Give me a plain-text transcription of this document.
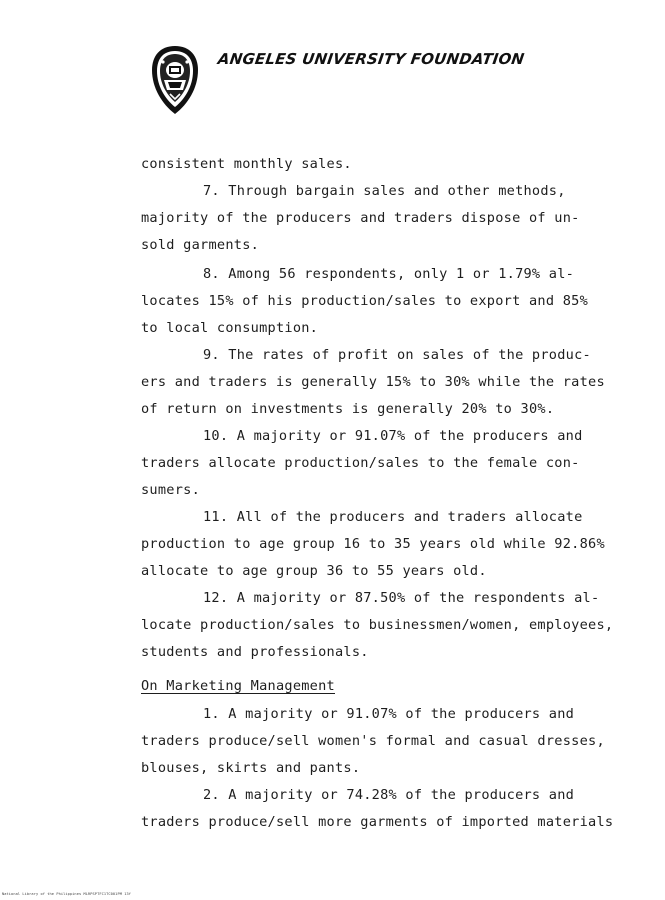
ANGELES UNIVERSITY FOUNDATION
consistent monthly sales.
7. Through bargain sales and other methods,
majority of the producers and traders dispose of un-
sold garments.
8. Among 56 respondents, only 1 or 1.79% al-
locates 15% of his production/sales to export and 85%
to local consumption.
9. The rates of profit on sales of the produc-
ers and traders is generally 15% to 30% while the rates
of return on investments is generally 20% to 30%.
10. A majority or 91.07% of the producers and
traders allocate production/sales to the female con-
sumers.
11. All of the producers and traders allocate
production to age group 16 to 35 years old while 92.86%
allocate to age group 36 to 55 years old.
12. A majority or 87.50% of the respondents al-
locate production/sales to businessmen/women, employees,
students and professionals.
On Marketing Management
1. A majority or 91.07% of the producers and
traders produce/sell women's formal and casual dresses,
blouses, skirts and pants.
2. A majority or 74.28% of the producers and
traders produce/sell more garments of imported materials
National Library of the Philippines MLRPSPTFC1TC001PM 13f
